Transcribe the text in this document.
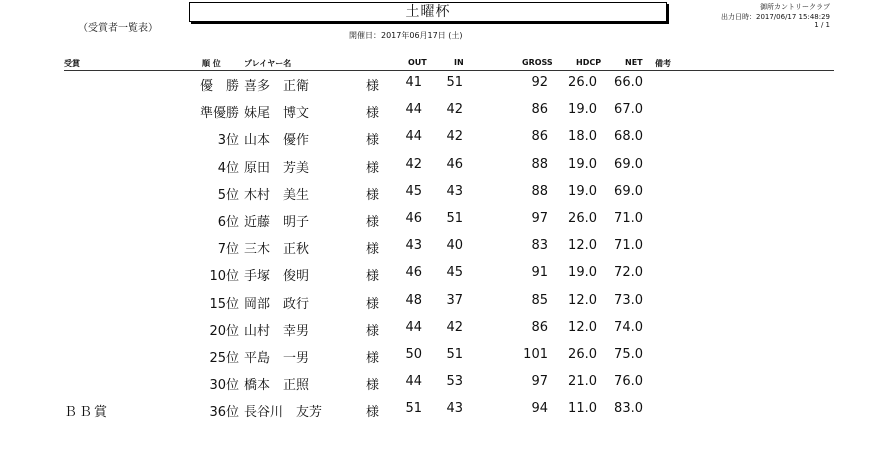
（受賞者一覧表）
土曜杯	御所カントリークラブ
出力日時：2017/06/17 15:48:29
1 / 1
開催日：2017年06月17日 (土)
受賞	順 位	プレイヤー名	OUT	IN	GROSS	HDCP	NET 備考
優　勝 喜多　正衛	様 41 51	92 26.0 66.0
準優勝 妹尾　博文	様 44 42	86 19.0 67.0
3位 山本　優作	様 44 42	86 18.0 68.0
4位 原田　芳美	様 42 46	88 19.0 69.0
5位 木村　美生	様 45 43	88 19.0 69.0
6位 近藤　明子	様 46 51	97 26.0 71.0
7位 三木　正秋	様 43 40	83 12.0 71.0
10位 手塚　俊明	様 46 45	91 19.0 72.0
15位 岡部　政行	様 48 37	85 12.0 73.0
20位 山村　幸男	様 44 42	86 12.0 74.0
25位 平島　一男	様 50 51	101 26.0 75.0
30位 橋本　正照	様 44 53	97 21.0 76.0
ＢＢ賞	36位 長谷川　友芳	様 51 43	94 11.0 83.0
